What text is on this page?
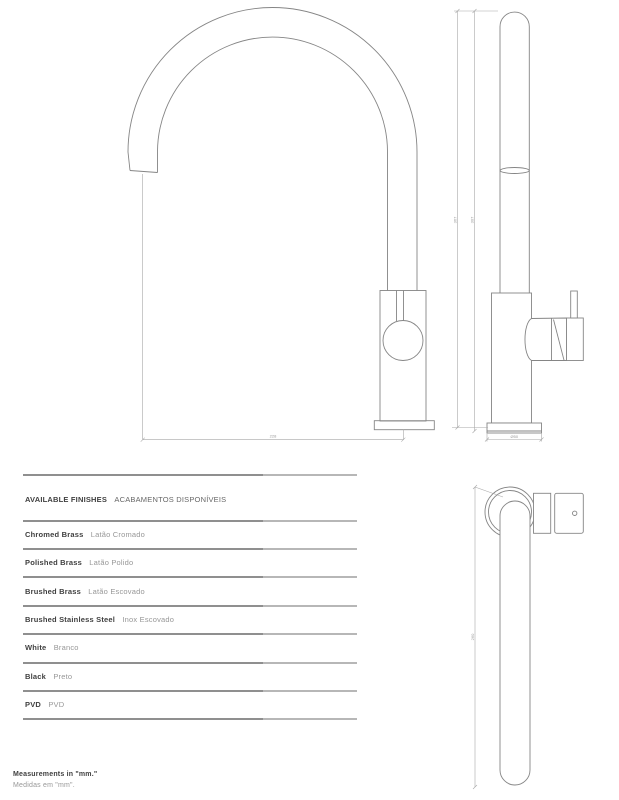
228
367	307
Ø50
260
AVAILABLE FINISHES ACABAMENTOS DISPONÍVEIS
Chromed Brass Latão Cromado
Polished Brass Latão Polido
Brushed Brass Latão Escovado
Brushed Stainless Steel Inox Escovado
White Branco
Black Preto
PVD PVD
Measurements in "mm."
Medidas em "mm".
